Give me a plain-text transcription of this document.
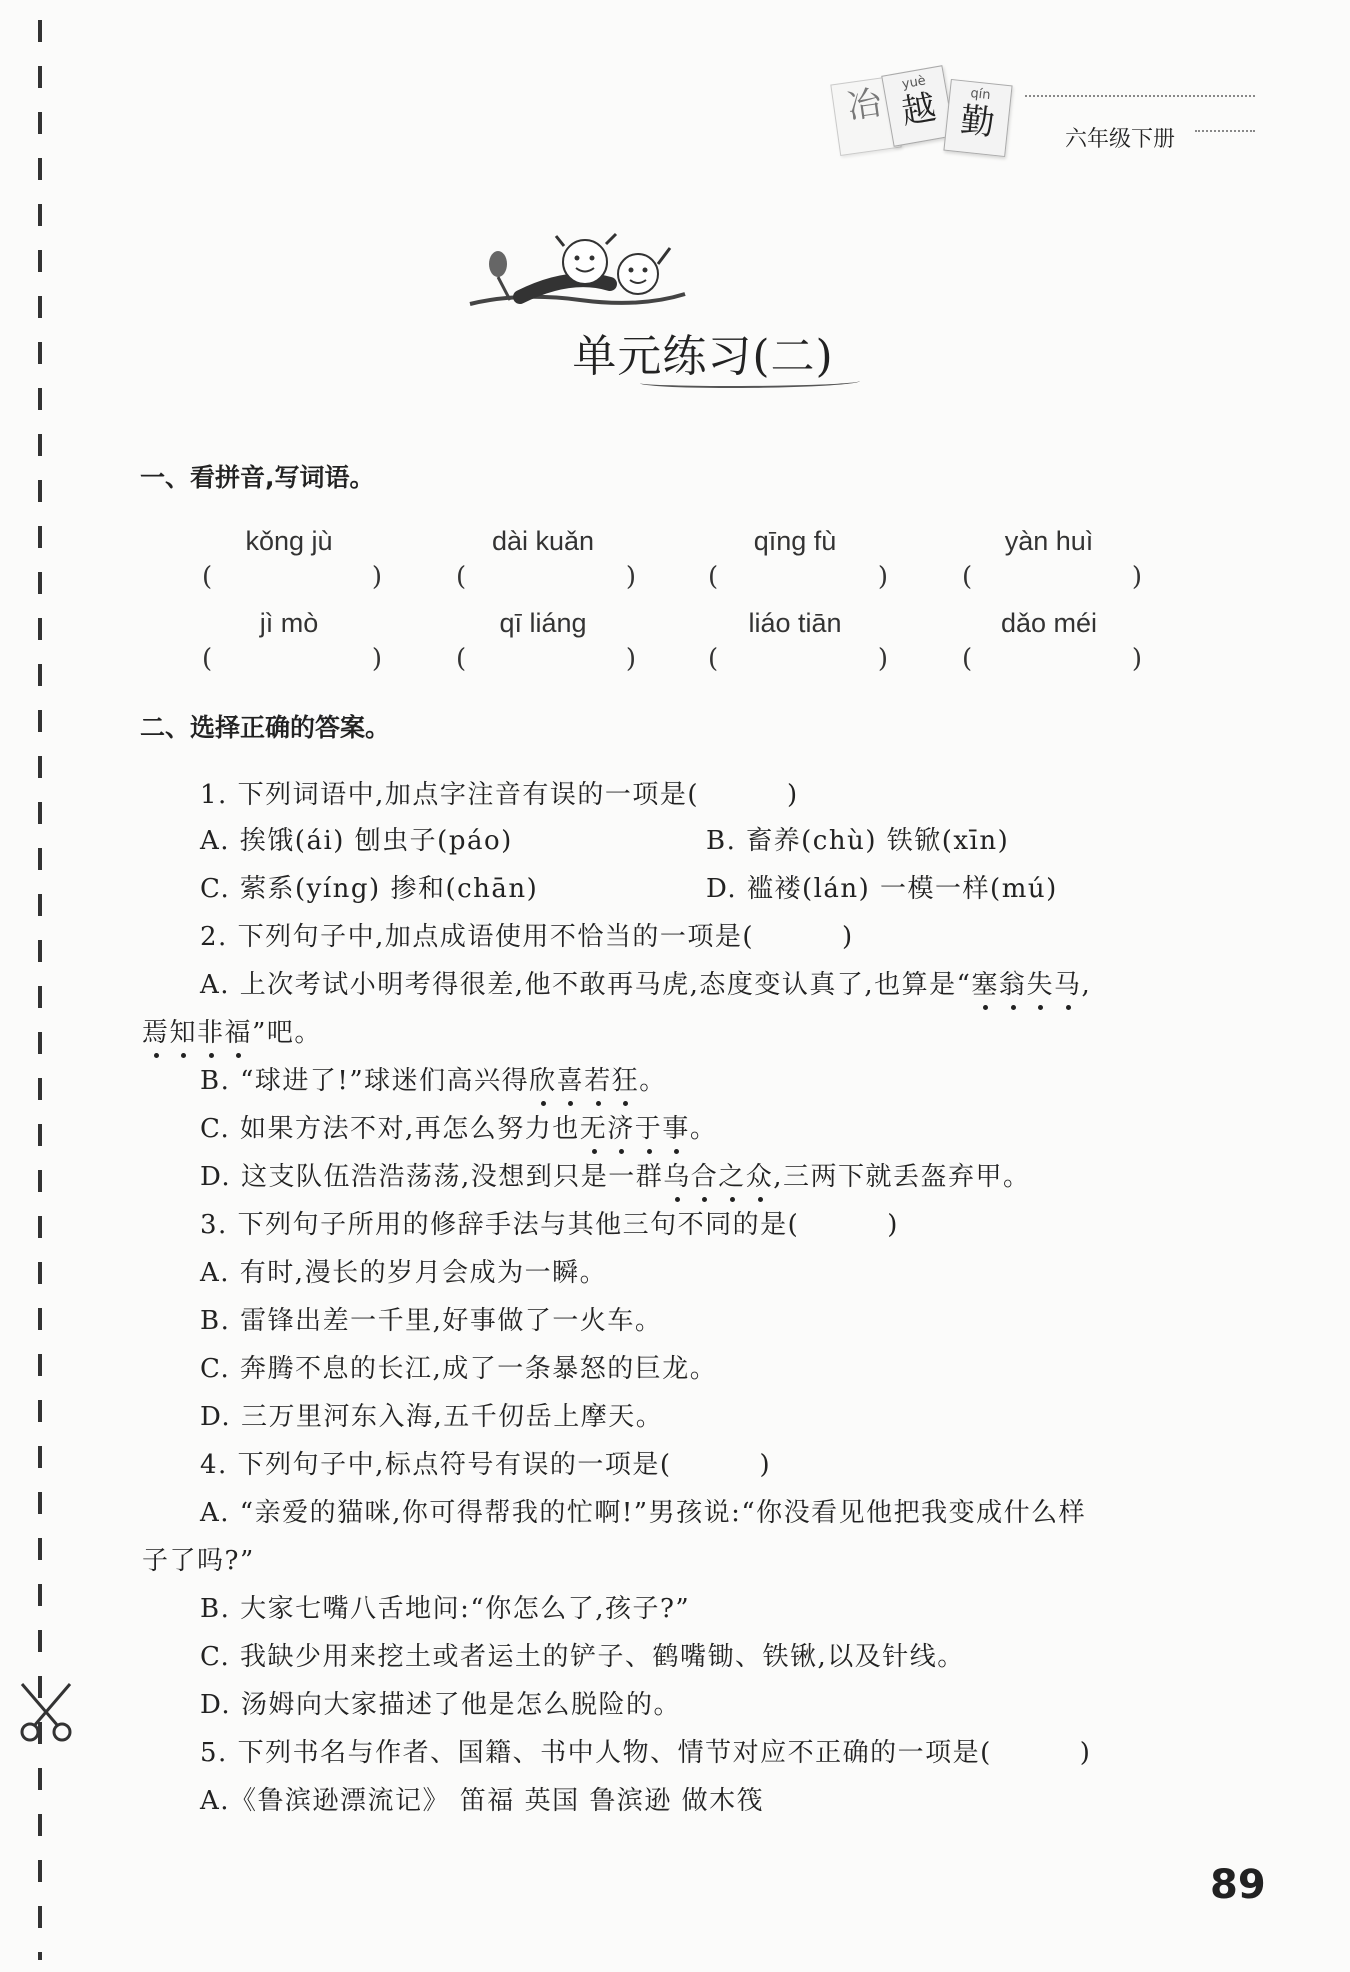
冶
yuè
越	qín
勤	六年级下册
单元练习(二)
一、看拼音,写词语。
kǒng jù	dài kuǎn	qīng fù	yàn huì
(	)	(	)	(	)	(	)
jì mò	qī liáng	liáo tiān	dǎo méi
(	)	(	)	(	)	(	)
二、选择正确的答案。
1. 下列词语中,加点字注音有误的一项是(	)
A. 挨饿(ái) 刨虫子(páo)	B. 畜养(chù) 铁锨(xīn)
C. 萦系(yíng) 掺和(chān)	D. 褴褛(lán) 一模一样(mú)
2. 下列句子中,加点成语使用不恰当的一项是(	)
A. 上次考试小明考得很差,他不敢再马虎,态度变认真了,也算是“塞翁失马,
焉知非福”吧。
B. “球进了!”球迷们高兴得欣喜若狂。
C. 如果方法不对,再怎么努力也无济于事。
D. 这支队伍浩浩荡荡,没想到只是一群乌合之众,三两下就丢盔弃甲。
3. 下列句子所用的修辞手法与其他三句不同的是(	)
A. 有时,漫长的岁月会成为一瞬。
B. 雷锋出差一千里,好事做了一火车。
C. 奔腾不息的长江,成了一条暴怒的巨龙。
D. 三万里河东入海,五千仞岳上摩天。
4. 下列句子中,标点符号有误的一项是(	)
A. “亲爱的猫咪,你可得帮我的忙啊!”男孩说:“你没看见他把我变成什么样
子了吗?”
B. 大家七嘴八舌地问:“你怎么了,孩子?”
C. 我缺少用来挖土或者运土的铲子、鹤嘴锄、铁锹,以及针线。
D. 汤姆向大家描述了他是怎么脱险的。
5. 下列书名与作者、国籍、书中人物、情节对应不正确的一项是(	)
A.《鲁滨逊漂流记》 笛福 英国 鲁滨逊 做木筏
89
